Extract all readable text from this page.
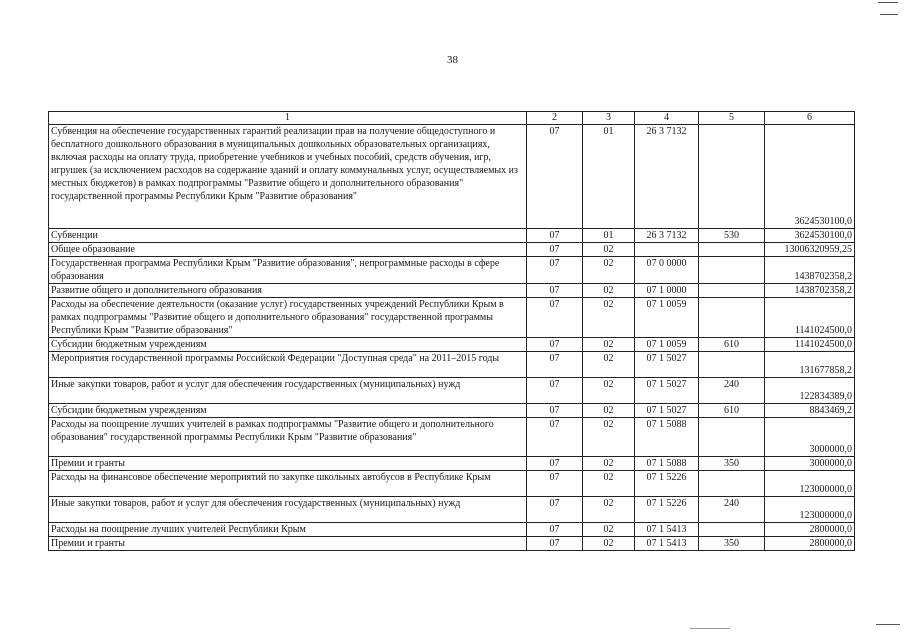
38
1	2	3	4	5	6
Субвенция на обеспечение государственных гарантий реализации прав на получение общедоступного и бесплатного дошкольного образования в муниципальных дошкольных образовательных организациях, включая расходы на оплату труда, приобретение учебников и учебных пособий, средств обучения, игр, игрушек (за исключением расходов на содержание зданий и оплату коммунальных услуг, осуществляемых из местных бюджетов) в рамках подпрограммы "Развитие общего и дополнительного образования" государственной программы Республики Крым "Развитие образования"	07	01	26 3 7132		3624530100,0
Субвенции	07	01	26 3 7132	530	3624530100,0
Общее образование	07	02			13006320959,25
Государственная программа Республики Крым "Развитие образования", непрограммные расходы в сфере образования	07	02	07 0 0000		1438702358,2
Развитие общего и дополнительного образования	07	02	07 1 0000		1438702358,2
Расходы на обеспечение деятельности (оказание услуг) государственных учреждений Республики Крым в рамках подпрограммы "Развитие общего и дополнительного образования" государственной программы Республики Крым "Развитие образования"	07	02	07 1 0059		1141024500,0
Субсидии бюджетным учреждениям	07	02	07 1 0059	610	1141024500,0
Мероприятия государственной программы Российской Федерации "Доступная среда" на 2011–2015 годы	07	02	07 1 5027		131677858,2
Иные закупки товаров, работ и услуг для обеспечения государственных (муниципальных) нужд	07	02	07 1 5027	240	122834389,0
Субсидии бюджетным учреждениям	07	02	07 1 5027	610	8843469,2
Расходы на поощрение лучших учителей в рамках подпрограммы "Развитие общего и дополнительного образования" государственной программы Республики Крым "Развитие образования"	07	02	07 1 5088		3000000,0
Премии и гранты	07	02	07 1 5088	350	3000000,0
Расходы на финансовое обеспечение мероприятий по закупке школьных автобусов в Республике Крым	07	02	07 1 5226		123000000,0
Иные закупки товаров, работ и услуг для обеспечения государственных (муниципальных) нужд	07	02	07 1 5226	240	123000000,0
Расходы на поощрение лучших учителей Республики Крым	07	02	07 1 5413		2800000,0
Премии и гранты	07	02	07 1 5413	350	2800000,0
